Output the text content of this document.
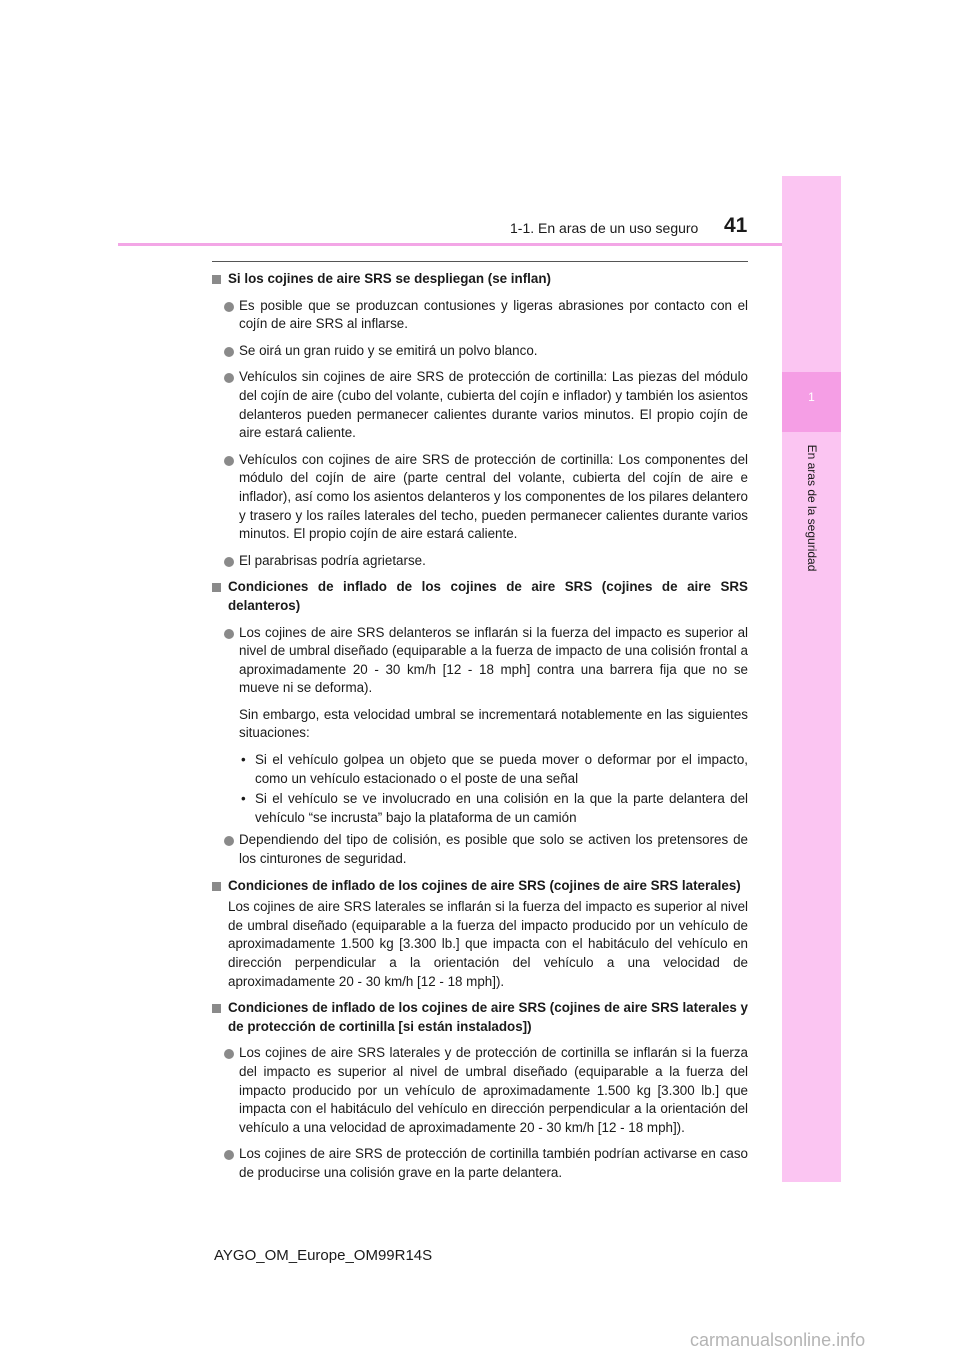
1-1. En aras de un uso seguro 41
1
En aras de la seguridad
Si los cojines de aire SRS se despliegan (se inflan)
Es posible que se produzcan contusiones y ligeras abrasiones por contacto con el cojín de aire SRS al inflarse.
Se oirá un gran ruido y se emitirá un polvo blanco.
Vehículos sin cojines de aire SRS de protección de cortinilla: Las piezas del módulo del cojín de aire (cubo del volante, cubierta del cojín e inflador) y también los asientos delanteros pueden permanecer calientes durante varios minutos. El propio cojín de aire estará caliente.
Vehículos con cojines de aire SRS de protección de cortinilla: Los componentes del módulo del cojín de aire (parte central del volante, cubierta del cojín de aire e inflador), así como los asientos delanteros y los componentes de los pilares delantero y trasero y los raíles laterales del techo, pueden permanecer calientes durante varios minutos. El propio cojín de aire estará caliente.
El parabrisas podría agrietarse.
Condiciones de inflado de los cojines de aire SRS (cojines de aire SRS delanteros)
Los cojines de aire SRS delanteros se inflarán si la fuerza del impacto es superior al nivel de umbral diseñado (equiparable a la fuerza de impacto de una colisión frontal a aproximadamente 20 - 30 km/h [12 - 18 mph] contra una barrera fija que no se mueve ni se deforma).
Sin embargo, esta velocidad umbral se incrementará notablemente en las siguientes situaciones:
• Si el vehículo golpea un objeto que se pueda mover o deformar por el impacto, como un vehículo estacionado o el poste de una señal
• Si el vehículo se ve involucrado en una colisión en la que la parte delantera del vehículo “se incrusta” bajo la plataforma de un camión
Dependiendo del tipo de colisión, es posible que solo se activen los pretensores de los cinturones de seguridad.
Condiciones de inflado de los cojines de aire SRS (cojines de aire SRS laterales)
Los cojines de aire SRS laterales se inflarán si la fuerza del impacto es superior al nivel de umbral diseñado (equiparable a la fuerza del impacto producido por un vehículo de aproximadamente 1.500 kg [3.300 lb.] que impacta con el habitáculo del vehículo en dirección perpendicular a la orientación del vehículo a una velocidad de aproximadamente 20 - 30 km/h [12 - 18 mph]).
Condiciones de inflado de los cojines de aire SRS (cojines de aire SRS laterales y de protección de cortinilla [si están instalados])
Los cojines de aire SRS laterales y de protección de cortinilla se inflarán si la fuerza del impacto es superior al nivel de umbral diseñado (equiparable a la fuerza del impacto producido por un vehículo de aproximadamente 1.500 kg [3.300 lb.] que impacta con el habitáculo del vehículo en dirección perpendicular a la orientación del vehículo a una velocidad de aproximadamente 20 - 30 km/h [12 - 18 mph]).
Los cojines de aire SRS de protección de cortinilla también podrían activarse en caso de producirse una colisión grave en la parte delantera.
AYGO_OM_Europe_OM99R14S
carmanualsonline.info
